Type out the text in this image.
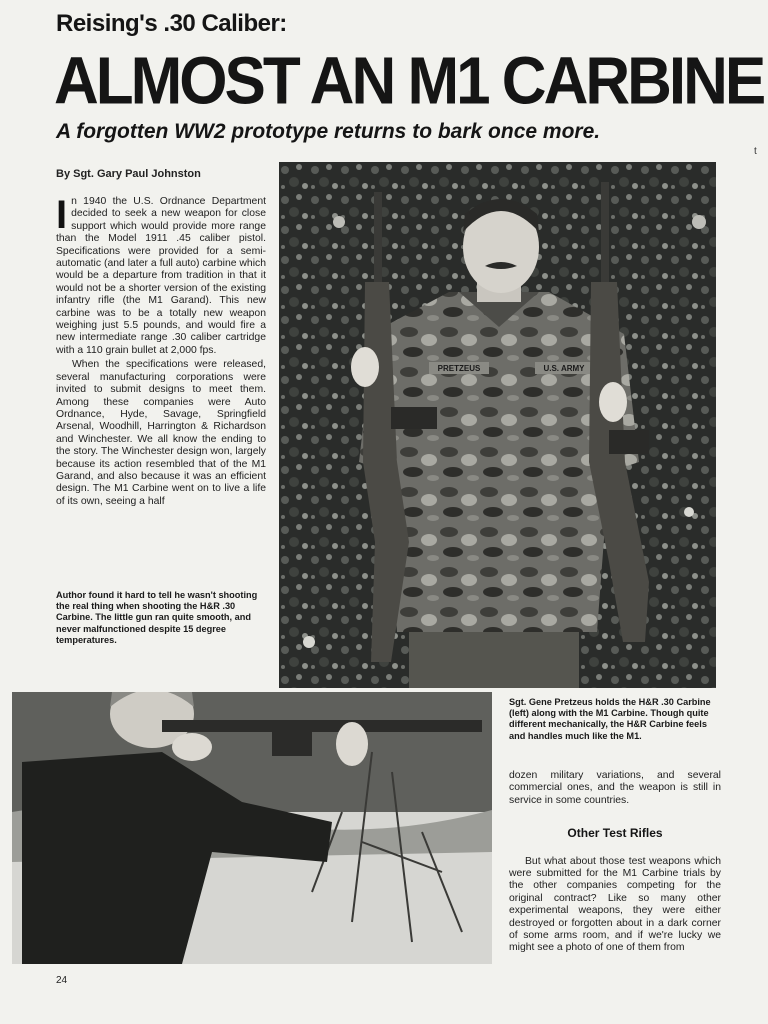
Reising's .30 Caliber:
ALMOST AN M1 CARBINE
A forgotten WW2 prototype returns to bark once more.
By Sgt. Gary Paul Johnston
t

In 1940 the U.S. Ordnance Department decided to seek a new weapon for close support which would provide more range than the Model 1911 .45 caliber pistol. Specifications were provided for a semi-automatic (and later a full auto) carbine which would be a departure from tradition in that it would not be a shorter version of the existing infantry rifle (the M1 Garand). This new carbine was to be a totally new weapon weighing just 5.5 pounds, and would fire a new intermediate range .30 caliber cartridge with a 110 grain bullet at 2,000 fps.

When the specifications were released, several manufacturing corporations were invited to submit designs to meet them. Among these companies were Auto Ordnance, Hyde, Savage, Springfield Arsenal, Woodhill, Harrington & Richardson and Winchester. We all know the ending to the story. The Winchester design won, largely because its action resembled that of the M1 Garand, and also because it was an efficient design. The M1 Carbine went on to live a life of its own, seeing a half

Author found it hard to tell he wasn't shooting the real thing when shooting the H&R .30 Carbine. The little gun ran quite smooth, and never malfunctioned despite 15 degree temperatures.
PRETZEUS	U.S. ARMY
Sgt. Gene Pretzeus holds the H&R .30 Carbine (left) along with the M1 Carbine. Though quite different mechanically, the H&R Carbine feels and handles much like the M1.

dozen military variations, and several commercial ones, and the weapon is still in service in some countries.

Other Test Rifles

But what about those test weapons which were submitted for the M1 Carbine trials by the other companies competing for the original contract? Like so many other experimental weapons, they were either destroyed or forgotten about in a dark corner of some arms room, and if we're lucky we might see a photo of one of them from

24
